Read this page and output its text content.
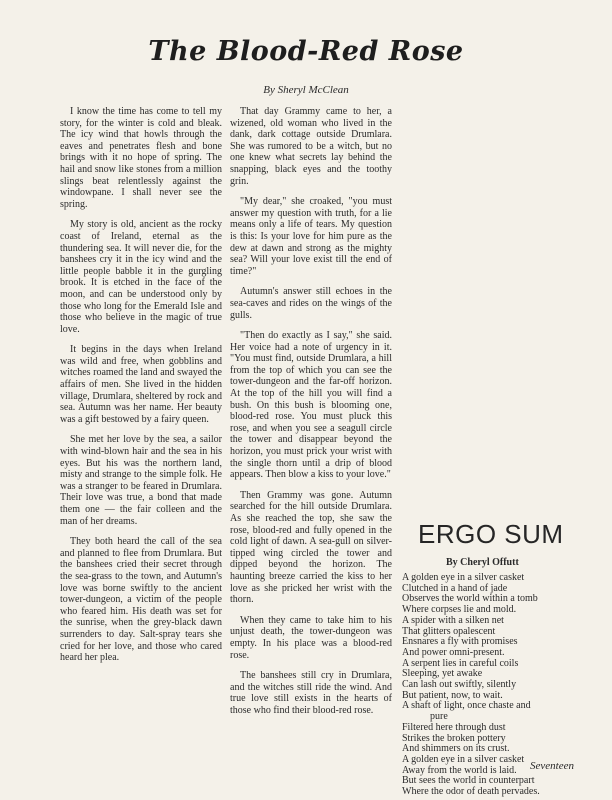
The Blood-Red Rose
By Sheryl McClean

I know the time has come to tell my story, for the winter is cold and bleak. The icy wind that howls through the eaves and penetrates flesh and bone brings with it no hope of spring. The hail and snow like stones from a million slings beat relentlessly against the windowpane. I shall never see the spring.

My story is old, ancient as the rocky coast of Ireland, eternal as the thundering sea. It will never die, for the banshees cry it in the icy wind and the little people babble it in the gurgling brook. It is etched in the face of the moon, and can be understood only by those who long for the Emerald Isle and those who believe in the magic of true love.

It begins in the days when Ireland was wild and free, when gobblins and witches roamed the land and swayed the affairs of men. She lived in the hidden village, Drumlara, sheltered by rock and sea. Autumn was her name. Her beauty was a gift bestowed by a fairy queen.

She met her love by the sea, a sailor with wind-blown hair and the sea in his eyes. But his was the northern land, misty and strange to the simple folk. He was a stranger to be feared in Drumlara. Their love was true, a bond that made them one — the fair colleen and the man of her dreams.

They both heard the call of the sea and planned to flee from Drumlara. But the banshees cried their secret through the sea-grass to the town, and Autumn's love was borne swiftly to the ancient tower-dungeon, a victim of the people who feared him. His death was set for the sunrise, when the grey-black dawn surrenders to day. Salt-spray tears she cried for her love, and those who cared heard her plea.

That day Grammy came to her, a wizened, old woman who lived in the dank, dark cottage outside Drumlara. She was rumored to be a witch, but no one knew what secrets lay behind the snapping, black eyes and the toothy grin.

"My dear," she croaked, "you must answer my question with truth, for a lie means only a life of tears. My question is this: Is your love for him pure as the dew at dawn and strong as the mighty sea? Will your love exist till the end of time?"

Autumn's answer still echoes in the sea-caves and rides on the wings of the gulls.

"Then do exactly as I say," she said. Her voice had a note of urgency in it. "You must find, outside Drumlara, a hill from the top of which you can see the tower-dungeon and the far-off horizon. At the top of the hill you will find a bush. On this bush is blooming one, blood-red rose. You must pluck this rose, and when you see a seagull circle the tower and disappear beyond the horizon, you must prick your wrist with the single thorn until a drip of blood appears. Then blow a kiss to your love."

Then Grammy was gone. Autumn searched for the hill outside Drumlara. As she reached the top, she saw the rose, blood-red and fully opened in the cold light of dawn. A sea-gull on silver-tipped wing circled the tower and dipped beyond the horizon. The haunting breeze carried the kiss to her love as she pricked her wrist with the thorn.

When they came to take him to his unjust death, the tower-dungeon was empty. In his place was a blood-red rose.

The banshees still cry in Drumlara, and the witches still ride the wind. And true love still exists in the hearts of those who find their blood-red rose.

ERGO SUM
By Cheryl Offutt
A golden eye in a silver casket
Clutched in a hand of jade
Observes the world within a tomb
Where corpses lie and mold.
A spider with a silken net
That glitters opalescent
Ensnares a fly with promises
And power omni-present.
A serpent lies in careful coils
Sleeping, yet awake
Can lash out swiftly, silently
But patient, now, to wait.
A shaft of light, once chaste and
pure
Filtered here through dust
Strikes the broken pottery
And shimmers on its crust.
A golden eye in a silver casket
Away from the world is laid.
But sees the world in counterpart
Where the odor of death pervades.
Seventeen
